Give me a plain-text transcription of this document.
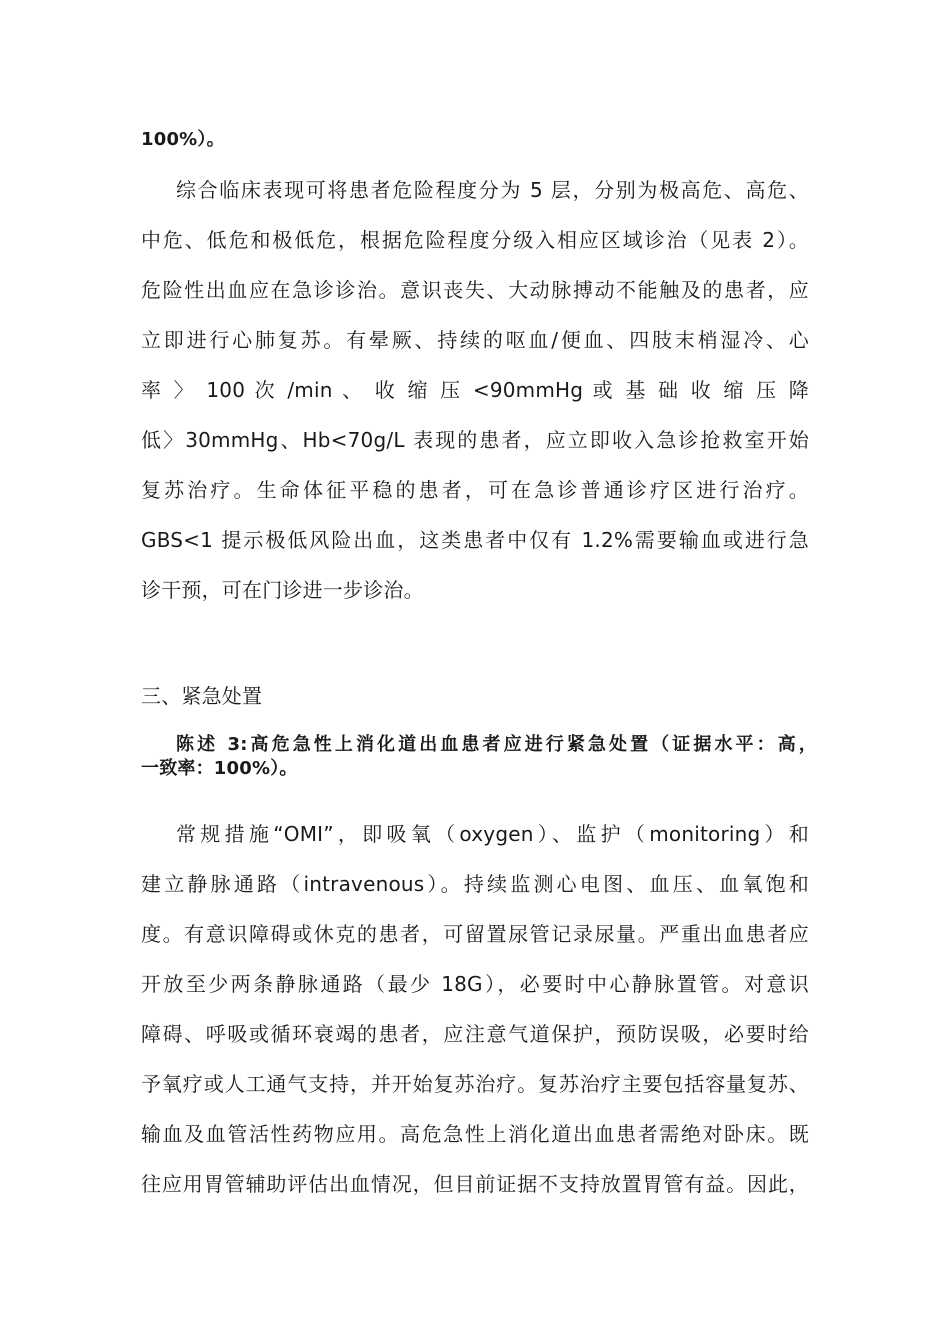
100%）。
综合临床表现可将患者危险程度分为 5 层，分别为极高危、高危、
中危、低危和极低危，根据危险程度分级入相应区域诊治（见表 2）。
危险性出血应在急诊诊治。意识丧失、大动脉搏动不能触及的患者，应
立即进行心肺复苏。有晕厥、持续的呕血/便血、四肢末梢湿冷、心
率 〉 100 次 /min 、 收 缩 压 <90mmHg 或 基 础 收 缩 压 降
低〉30mmHg、Hb<70g/L 表现的患者，应立即收入急诊抢救室开始
复苏治疗。生命体征平稳的患者，可在急诊普通诊疗区进行治疗。
GBS<1 提示极低风险出血，这类患者中仅有 1.2%需要输血或进行急
诊干预，可在门诊进一步诊治。
三、紧急处置
陈述 3:高危急性上消化道出血患者应进行紧急处置（证据水平：高，
一致率：100%）。
常规措施“OMI”，即吸氧（oxygen）、监护（monitoring）和
建立静脉通路（intravenous）。持续监测心电图、血压、血氧饱和
度。有意识障碍或休克的患者，可留置尿管记录尿量。严重出血患者应
开放至少两条静脉通路（最少 18G），必要时中心静脉置管。对意识
障碍、呼吸或循环衰竭的患者，应注意气道保护，预防误吸，必要时给
予氧疗或人工通气支持，并开始复苏治疗。复苏治疗主要包括容量复苏、
输血及血管活性药物应用。高危急性上消化道出血患者需绝对卧床。既
往应用胃管辅助评估出血情况，但目前证据不支持放置胃管有益。因此，
